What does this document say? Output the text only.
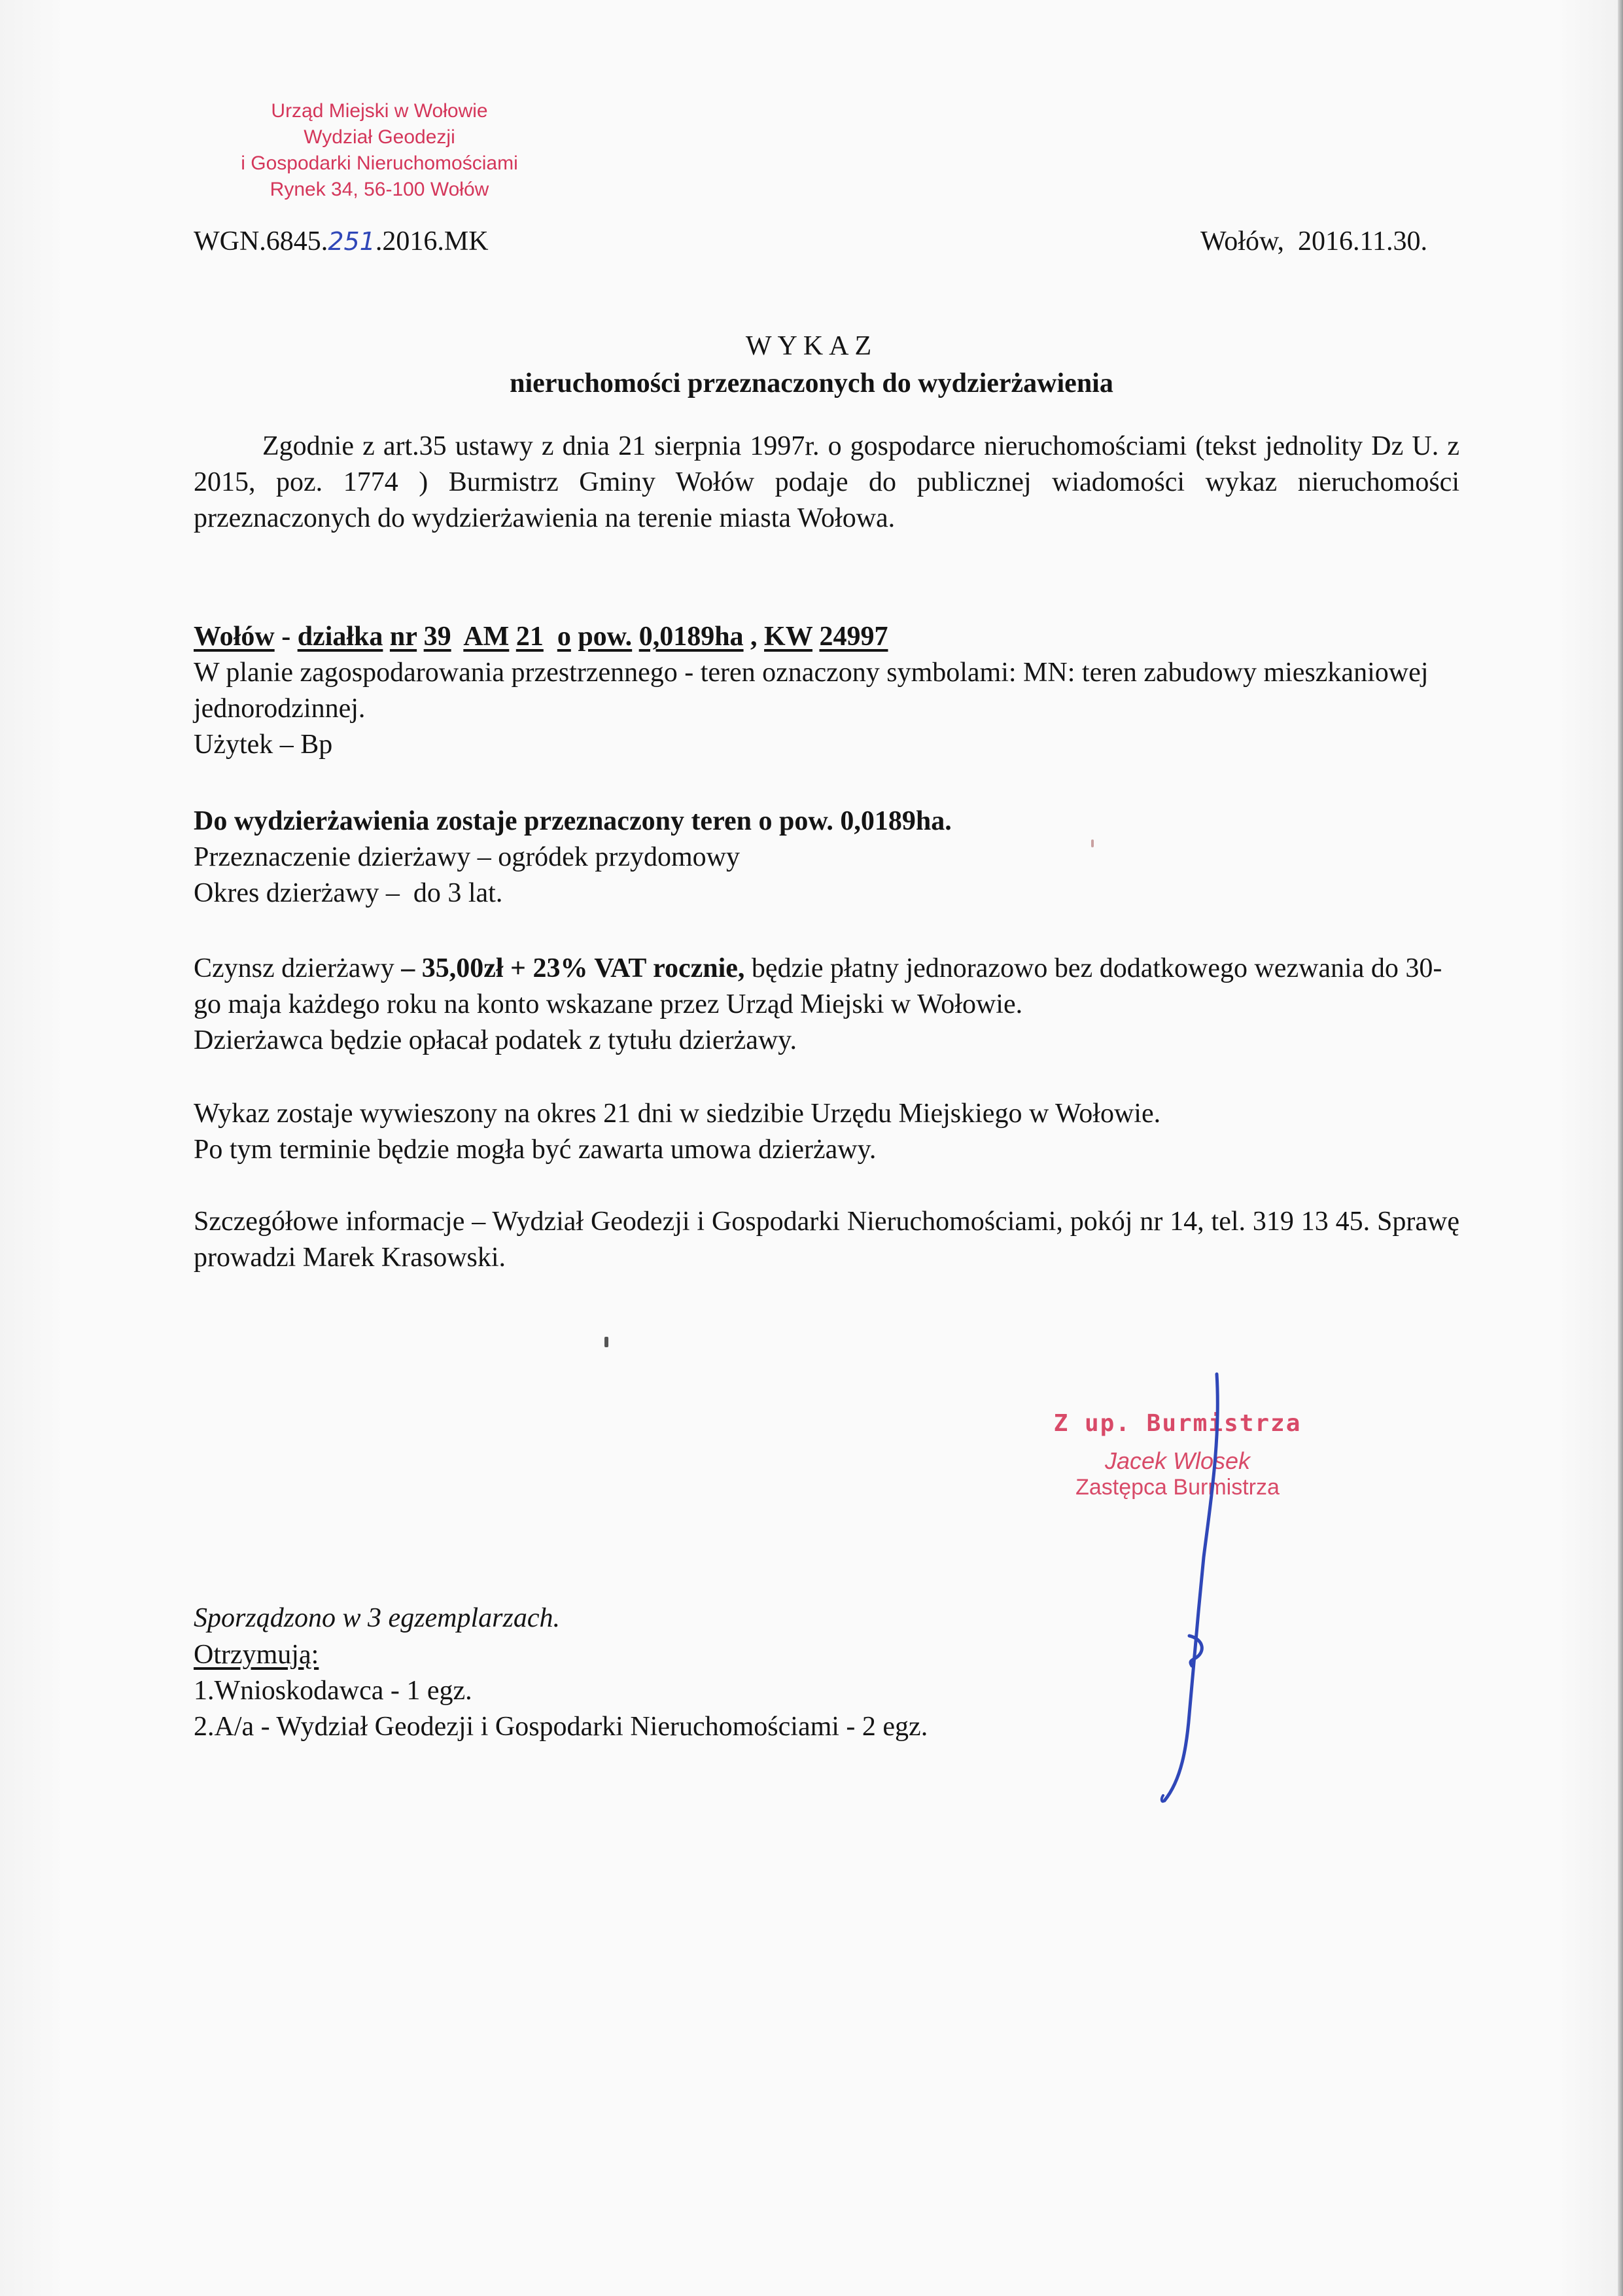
Urząd Miejski w Wołowie
Wydział Geodezji
i Gospodarki Nieruchomościami
Rynek 34, 56-100 Wołów
WGN.6845.251.2016.MK	Wołów,  2016.11.30.
WYKAZ
nieruchomości przeznaczonych do wydzierżawienia
Zgodnie z art.35 ustawy z dnia 21 sierpnia 1997r. o gospodarce nieruchomościami (tekst jednolity Dz U. z 2015, poz. 1774 ) Burmistrz Gminy Wołów podaje do publicznej wiadomości wykaz nieruchomości przeznaczonych do wydzierżawienia na terenie miasta Wołowa.
Wołów - działka nr 39 AM 21 o pow. 0,0189ha , KW 24997
W planie zagospodarowania przestrzennego - teren oznaczony symbolami: MN: teren zabudowy mieszkaniowej jednorodzinnej.
Użytek – Bp
Do wydzierżawienia zostaje przeznaczony teren o pow. 0,0189ha.
Przeznaczenie dzierżawy – ogródek przydomowy
Okres dzierżawy –  do 3 lat.
Czynsz dzierżawy – 35,00zł + 23% VAT rocznie, będzie płatny jednorazowo bez dodatkowego wezwania do 30-go maja każdego roku na konto wskazane przez Urząd Miejski w Wołowie.
Dzierżawca będzie opłacał podatek z tytułu dzierżawy.
Wykaz zostaje wywieszony na okres 21 dni w siedzibie Urzędu Miejskiego w Wołowie.
Po tym terminie będzie mogła być zawarta umowa dzierżawy.
Szczegółowe informacje – Wydział Geodezji i Gospodarki Nieruchomościami, pokój nr 14, tel. 319 13 45. Sprawę prowadzi Marek Krasowski.
Z up. Burmistrza
Jacek Wlosek
Zastępca Burmistrza
Sporządzono w 3 egzemplarzach.
Otrzymują:
1.Wnioskodawca - 1 egz.
2.A/a - Wydział Geodezji i Gospodarki Nieruchomościami - 2 egz.
